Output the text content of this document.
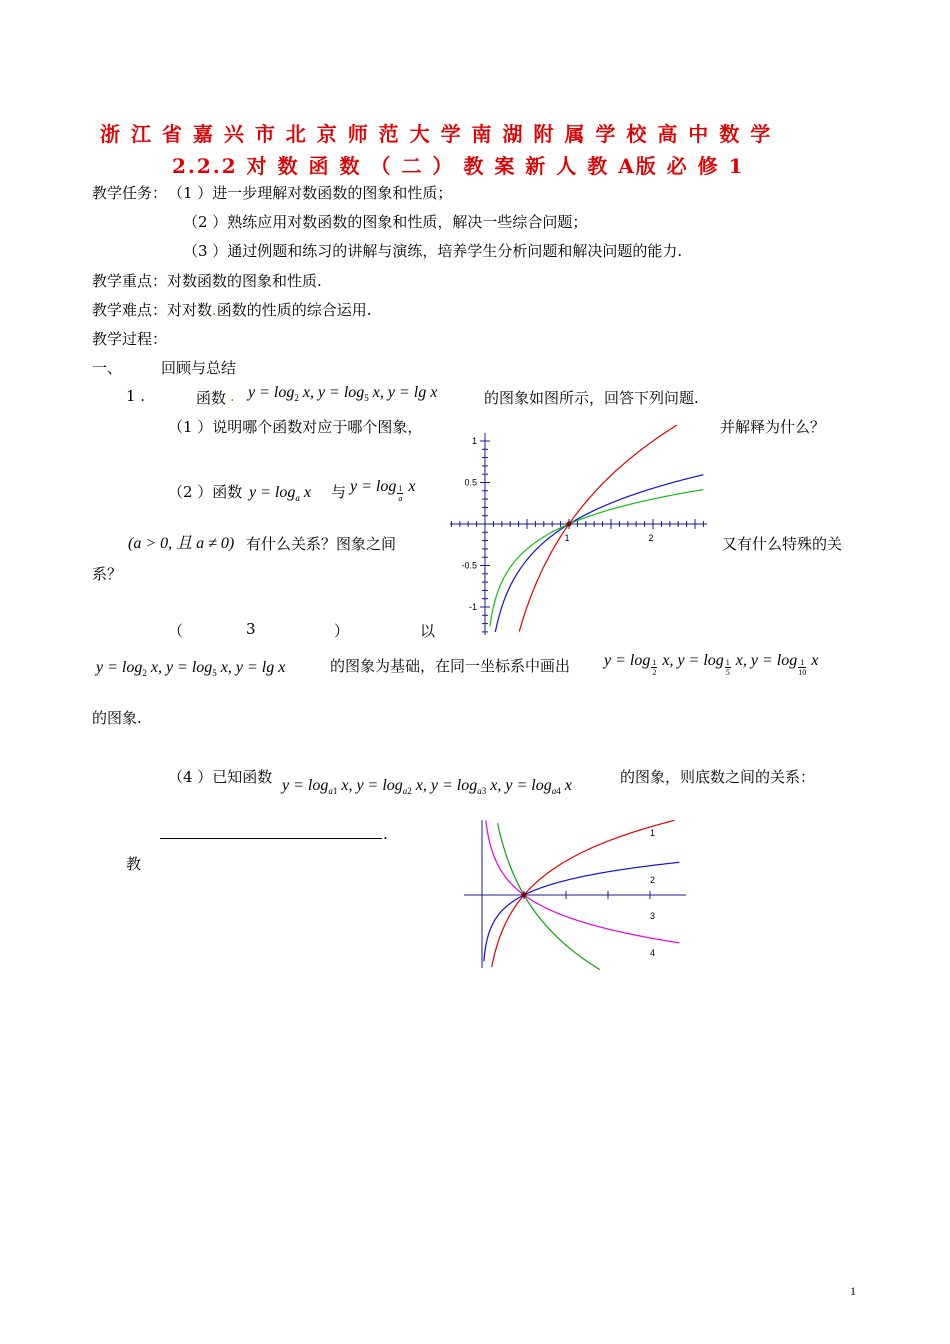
浙 江 省 嘉 兴 市 北 京 师 范 大 学 南 湖 附 属 学 校 高 中 数 学
2.2.2 对 数 函 数 （ 二 ） 教 案 新 人 教 A版 必 修 1
教学任务： （1 ）进一步理解对数函数的图象和性质；
（2 ）熟练应用对数函数的图象和性质，解决一些综合问题；
（3 ）通过例题和练习的讲解与演练，培养学生分析问题和解决问题的能力.
教学重点：对数函数的图象和性质.
教学难点：对对数.函数的性质的综合运用.
教学过程：
一、	回顾与总结
1 .	函数 . $y = \log_2 x$, $y = \log_5 x$, y = lg x	的图象如图所示，回答下列问题.
（1 ）说明哪个函数对应于哪个图象，	并解释为什么？
（2 ）函数 $y = \log_a x$ 与 $y = \log \frac{1}{a}$ x
(a > 0, 且 a ≠ 0) 有什么关系？图象之间	又有什么特殊的关
系？
（	3	）	以
$y = \log_2 x$, $y = \log_5 x$, y = lg x	的图象为基础，在同一坐标系中画出 y = log 1
2 x, y = log 1
5 x, y = log 1
10 x
的图象.
（4 ）已知函数 $y = \log_{a1} x$, $y = \log_{a2} x$, $y = \log_{a3} x$, $y = \log_{a4} x$	的图象，则底数之间的关系：
.
教
1
0.5
-0.5
-1
1	2
1
2
3
4
1
